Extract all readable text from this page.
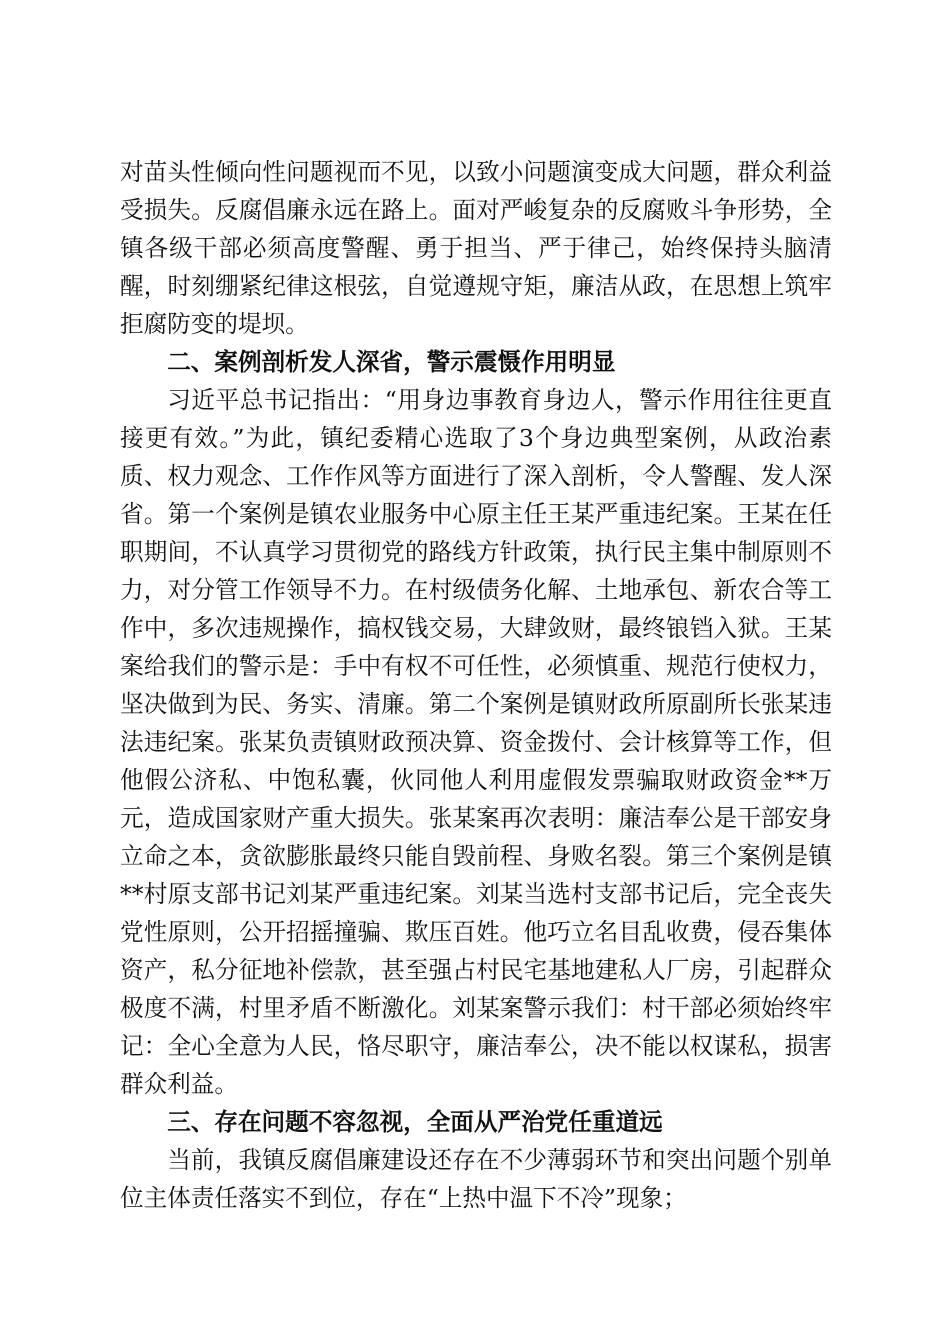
对苗头性倾向性问题视而不见，以致小问题演变成大问题，群众利益受损失。反腐倡廉永远在路上。面对严峻复杂的反腐败斗争形势，全镇各级干部必须高度警醒、勇于担当、严于律己，始终保持头脑清醒，时刻绷紧纪律这根弦，自觉遵规守矩，廉洁从政，在思想上筑牢拒腐防变的堤坝。

二、案例剖析发人深省，警示震慑作用明显

习近平总书记指出：“用身边事教育身边人，警示作用往往更直接更有效。”为此，镇纪委精心选取了3个身边典型案例，从政治素质、权力观念、工作作风等方面进行了深入剖析，令人警醒、发人深省。第一个案例是镇农业服务中心原主任王某严重违纪案。王某在任职期间，不认真学习贯彻党的路线方针政策，执行民主集中制原则不力，对分管工作领导不力。在村级债务化解、土地承包、新农合等工作中，多次违规操作，搞权钱交易，大肆敛财，最终锒铛入狱。王某案给我们的警示是：手中有权不可任性，必须慎重、规范行使权力，坚决做到为民、务实、清廉。第二个案例是镇财政所原副所长张某违法违纪案。张某负责镇财政预决算、资金拨付、会计核算等工作，但他假公济私、中饱私囊，伙同他人利用虚假发票骗取财政资金**万元，造成国家财产重大损失。张某案再次表明：廉洁奉公是干部安身立命之本，贪欲膨胀最终只能自毁前程、身败名裂。第三个案例是镇**村原支部书记刘某严重违纪案。刘某当选村支部书记后，完全丧失党性原则，公开招摇撞骗、欺压百姓。他巧立名目乱收费，侵吞集体资产，私分征地补偿款，甚至强占村民宅基地建私人厂房，引起群众极度不满，村里矛盾不断激化。刘某案警示我们：村干部必须始终牢记：全心全意为人民，恪尽职守，廉洁奉公，决不能以权谋私，损害群众利益。

三、存在问题不容忽视，全面从严治党任重道远

当前，我镇反腐倡廉建设还存在不少薄弱环节和突出问题个别单位主体责任落实不到位，存在“上热中温下不冷”现象；
